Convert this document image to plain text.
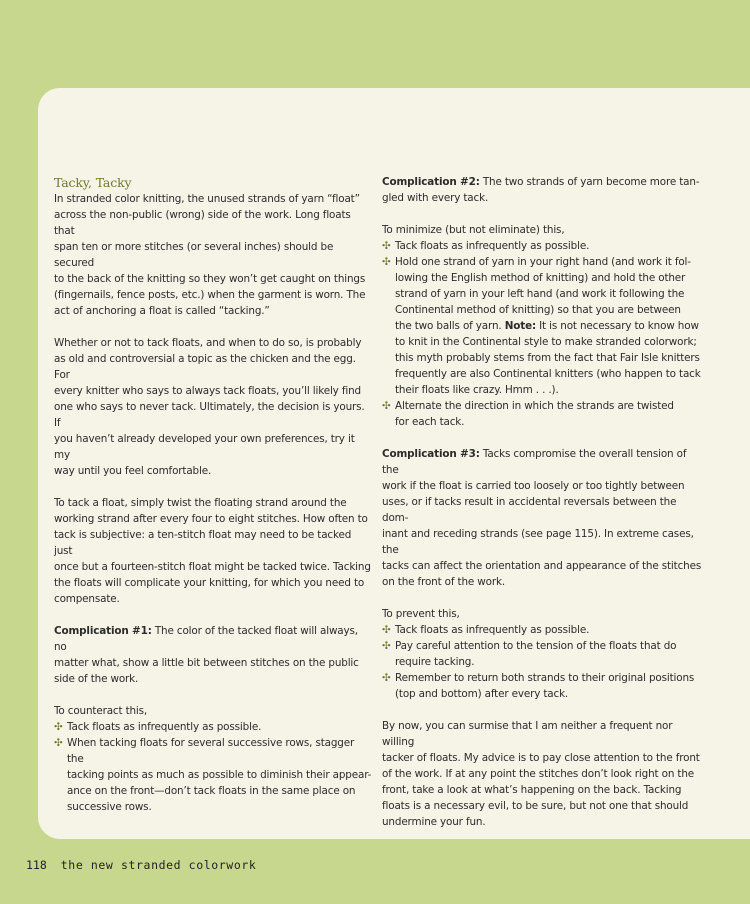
Tacky, Tacky

In stranded color knitting, the unused strands of yarn “float”
across the non-public (wrong) side of the work. Long floats that
span ten or more stitches (or several inches) should be secured
to the back of the knitting so they won’t get caught on things
(fingernails, fence posts, etc.) when the garment is worn. The
act of anchoring a float is called “tacking.”

Whether or not to tack floats, and when to do so, is probably
as old and controversial a topic as the chicken and the egg. For
every knitter who says to always tack floats, you’ll likely find
one who says to never tack. Ultimately, the decision is yours. If
you haven’t already developed your own preferences, try it my
way until you feel comfortable.

To tack a float, simply twist the floating strand around the
working strand after every four to eight stitches. How often to
tack is subjective: a ten-stitch float may need to be tacked just
once but a fourteen-stitch float might be tacked twice. Tacking
the floats will complicate your knitting, for which you need to
compensate.

Complication #1: The color of the tacked float will always, no
matter what, show a little bit between stitches on the public
side of the work.

To counteract this,

✣ Tack floats as infrequently as possible.

✣ When tacking floats for several successive rows, stagger the
tacking points as much as possible to diminish their appear-
ance on the front—don’t tack floats in the same place on
successive rows.

Complication #2: The two strands of yarn become more tan-
gled with every tack.

To minimize (but not eliminate) this,

✣ Tack floats as infrequently as possible.

✣ Hold one strand of yarn in your right hand (and work it fol-
lowing the English method of knitting) and hold the other
strand of yarn in your left hand (and work it following the
Continental method of knitting) so that you are between
the two balls of yarn. Note: It is not necessary to know how
to knit in the Continental style to make stranded colorwork;
this myth probably stems from the fact that Fair Isle knitters
frequently are also Continental knitters (who happen to tack
their floats like crazy. Hmm . . .).

✣ Alternate the direction in which the strands are twisted
for each tack.

Complication #3: Tacks compromise the overall tension of the
work if the float is carried too loosely or too tightly between
uses, or if tacks result in accidental reversals between the dom-
inant and receding strands (see page 115). In extreme cases, the
tacks can affect the orientation and appearance of the stitches
on the front of the work.

To prevent this,

✣ Tack floats as infrequently as possible.

✣ Pay careful attention to the tension of the floats that do
require tacking.

✣ Remember to return both strands to their original positions
(top and bottom) after every tack.

By now, you can surmise that I am neither a frequent nor willing
tacker of floats. My advice is to pay close attention to the front
of the work. If at any point the stitches don’t look right on the
front, take a look at what’s happening on the back. Tacking
floats is a necessary evil, to be sure, but not one that should
undermine your fun.

118 the new stranded colorwork
